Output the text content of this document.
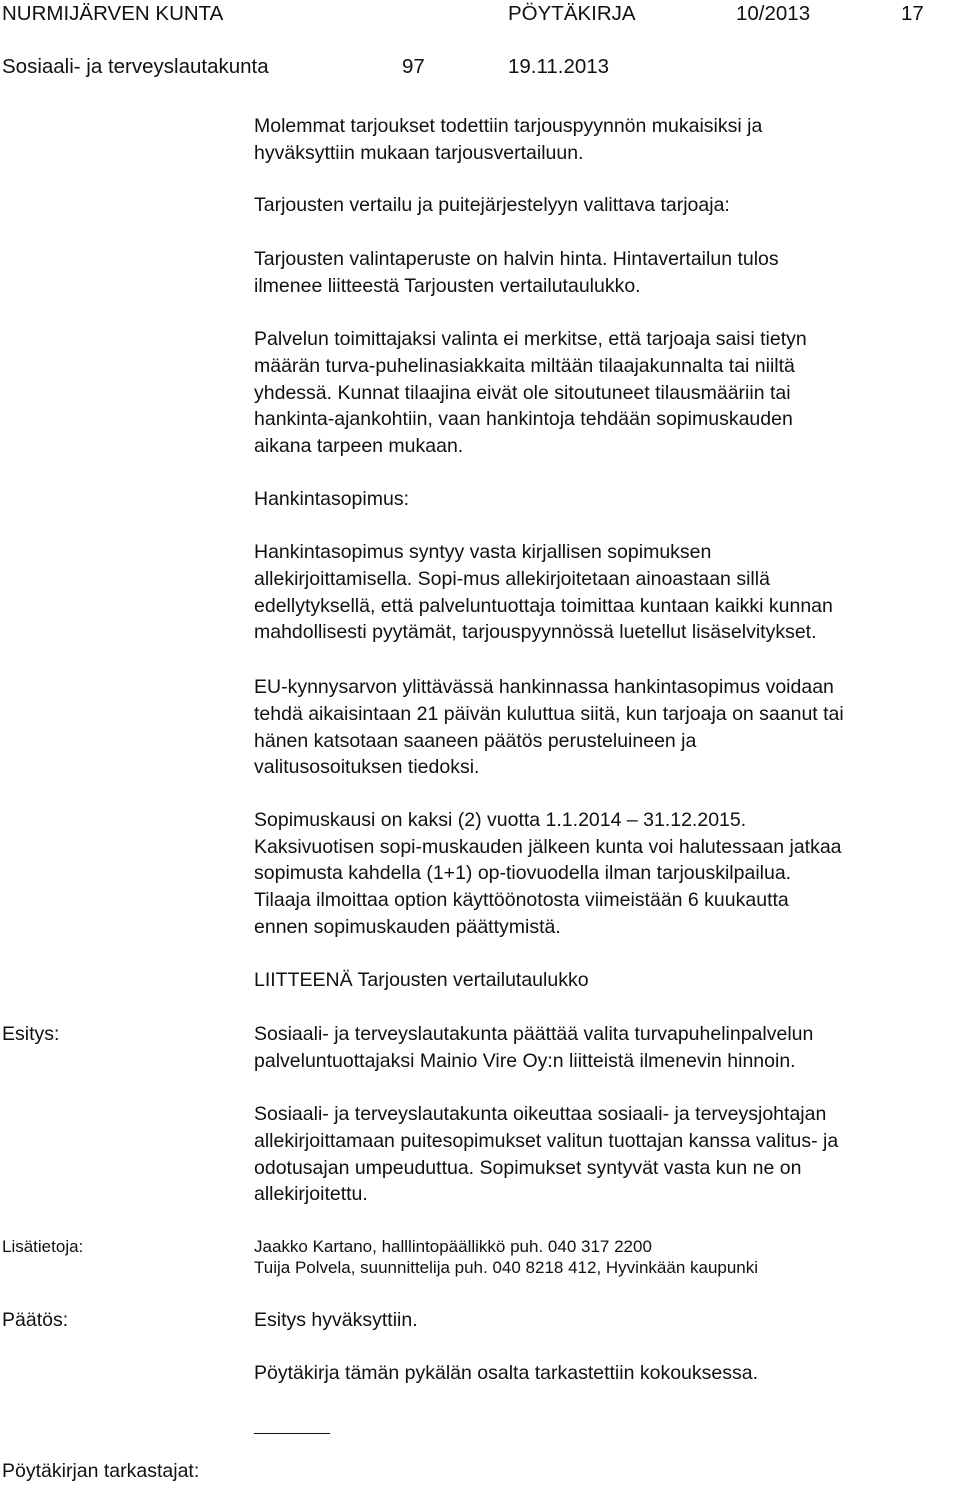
NURMIJÄRVEN KUNTA	PÖYTÄKIRJA	10/2013	17
Sosiaali- ja terveyslautakunta	97	19.11.2013
Molemmat tarjoukset todettiin tarjouspyynnön mukaisiksi ja
hyväksyttiin mukaan tarjousvertailuun.
Tarjousten vertailu ja puitejärjestelyyn valittava tarjoaja:
Tarjousten valintaperuste on halvin hinta. Hintavertailun tulos
ilmenee liitteestä Tarjousten vertailutaulukko.
Palvelun toimittajaksi valinta ei merkitse, että tarjoaja saisi tietyn
määrän turva-puhelinasiakkaita miltään tilaajakunnalta tai niiltä
yhdessä. Kunnat tilaajina eivät ole sitoutuneet tilausmääriin tai
hankinta-ajankohtiin, vaan hankintoja tehdään sopimuskauden
aikana tarpeen mukaan.
Hankintasopimus:
Hankintasopimus syntyy vasta kirjallisen sopimuksen
allekirjoittamisella. Sopi-mus allekirjoitetaan ainoastaan sillä
edellytyksellä, että palveluntuottaja toimittaa kuntaan kaikki kunnan
mahdollisesti pyytämät, tarjouspyynnössä luetellut lisäselvitykset.
EU-kynnysarvon ylittävässä hankinnassa hankintasopimus voidaan
tehdä aikaisintaan 21 päivän kuluttua siitä, kun tarjoaja on saanut tai
hänen katsotaan saaneen päätös perusteluineen ja
valitusosoituksen tiedoksi.
Sopimuskausi on kaksi (2) vuotta 1.1.2014 – 31.12.2015.
Kaksivuotisen sopi-muskauden jälkeen kunta voi halutessaan jatkaa
sopimusta kahdella (1+1) op-tiovuodella ilman tarjouskilpailua.
Tilaaja ilmoittaa option käyttöönotosta viimeistään 6 kuukautta
ennen sopimuskauden päättymistä.
LIITTEENÄ Tarjousten vertailutaulukko
Esitys:	Sosiaali- ja terveyslautakunta päättää valita turvapuhelinpalvelun
palveluntuottajaksi Mainio Vire Oy:n liitteistä ilmenevin hinnoin.
Sosiaali- ja terveyslautakunta oikeuttaa sosiaali- ja terveysjohtajan
allekirjoittamaan puitesopimukset valitun tuottajan kanssa valitus- ja
odotusajan umpeuduttua. Sopimukset syntyvät vasta kun ne on
allekirjoitettu.
Lisätietoja:	Jaakko Kartano, halllintopäällikkö puh. 040 317 2200
Tuija Polvela, suunnittelija puh. 040 8218 412, Hyvinkään kaupunki
Päätös:	Esitys hyväksyttiin.
Pöytäkirja tämän pykälän osalta tarkastettiin kokouksessa.
Pöytäkirjan tarkastajat:
